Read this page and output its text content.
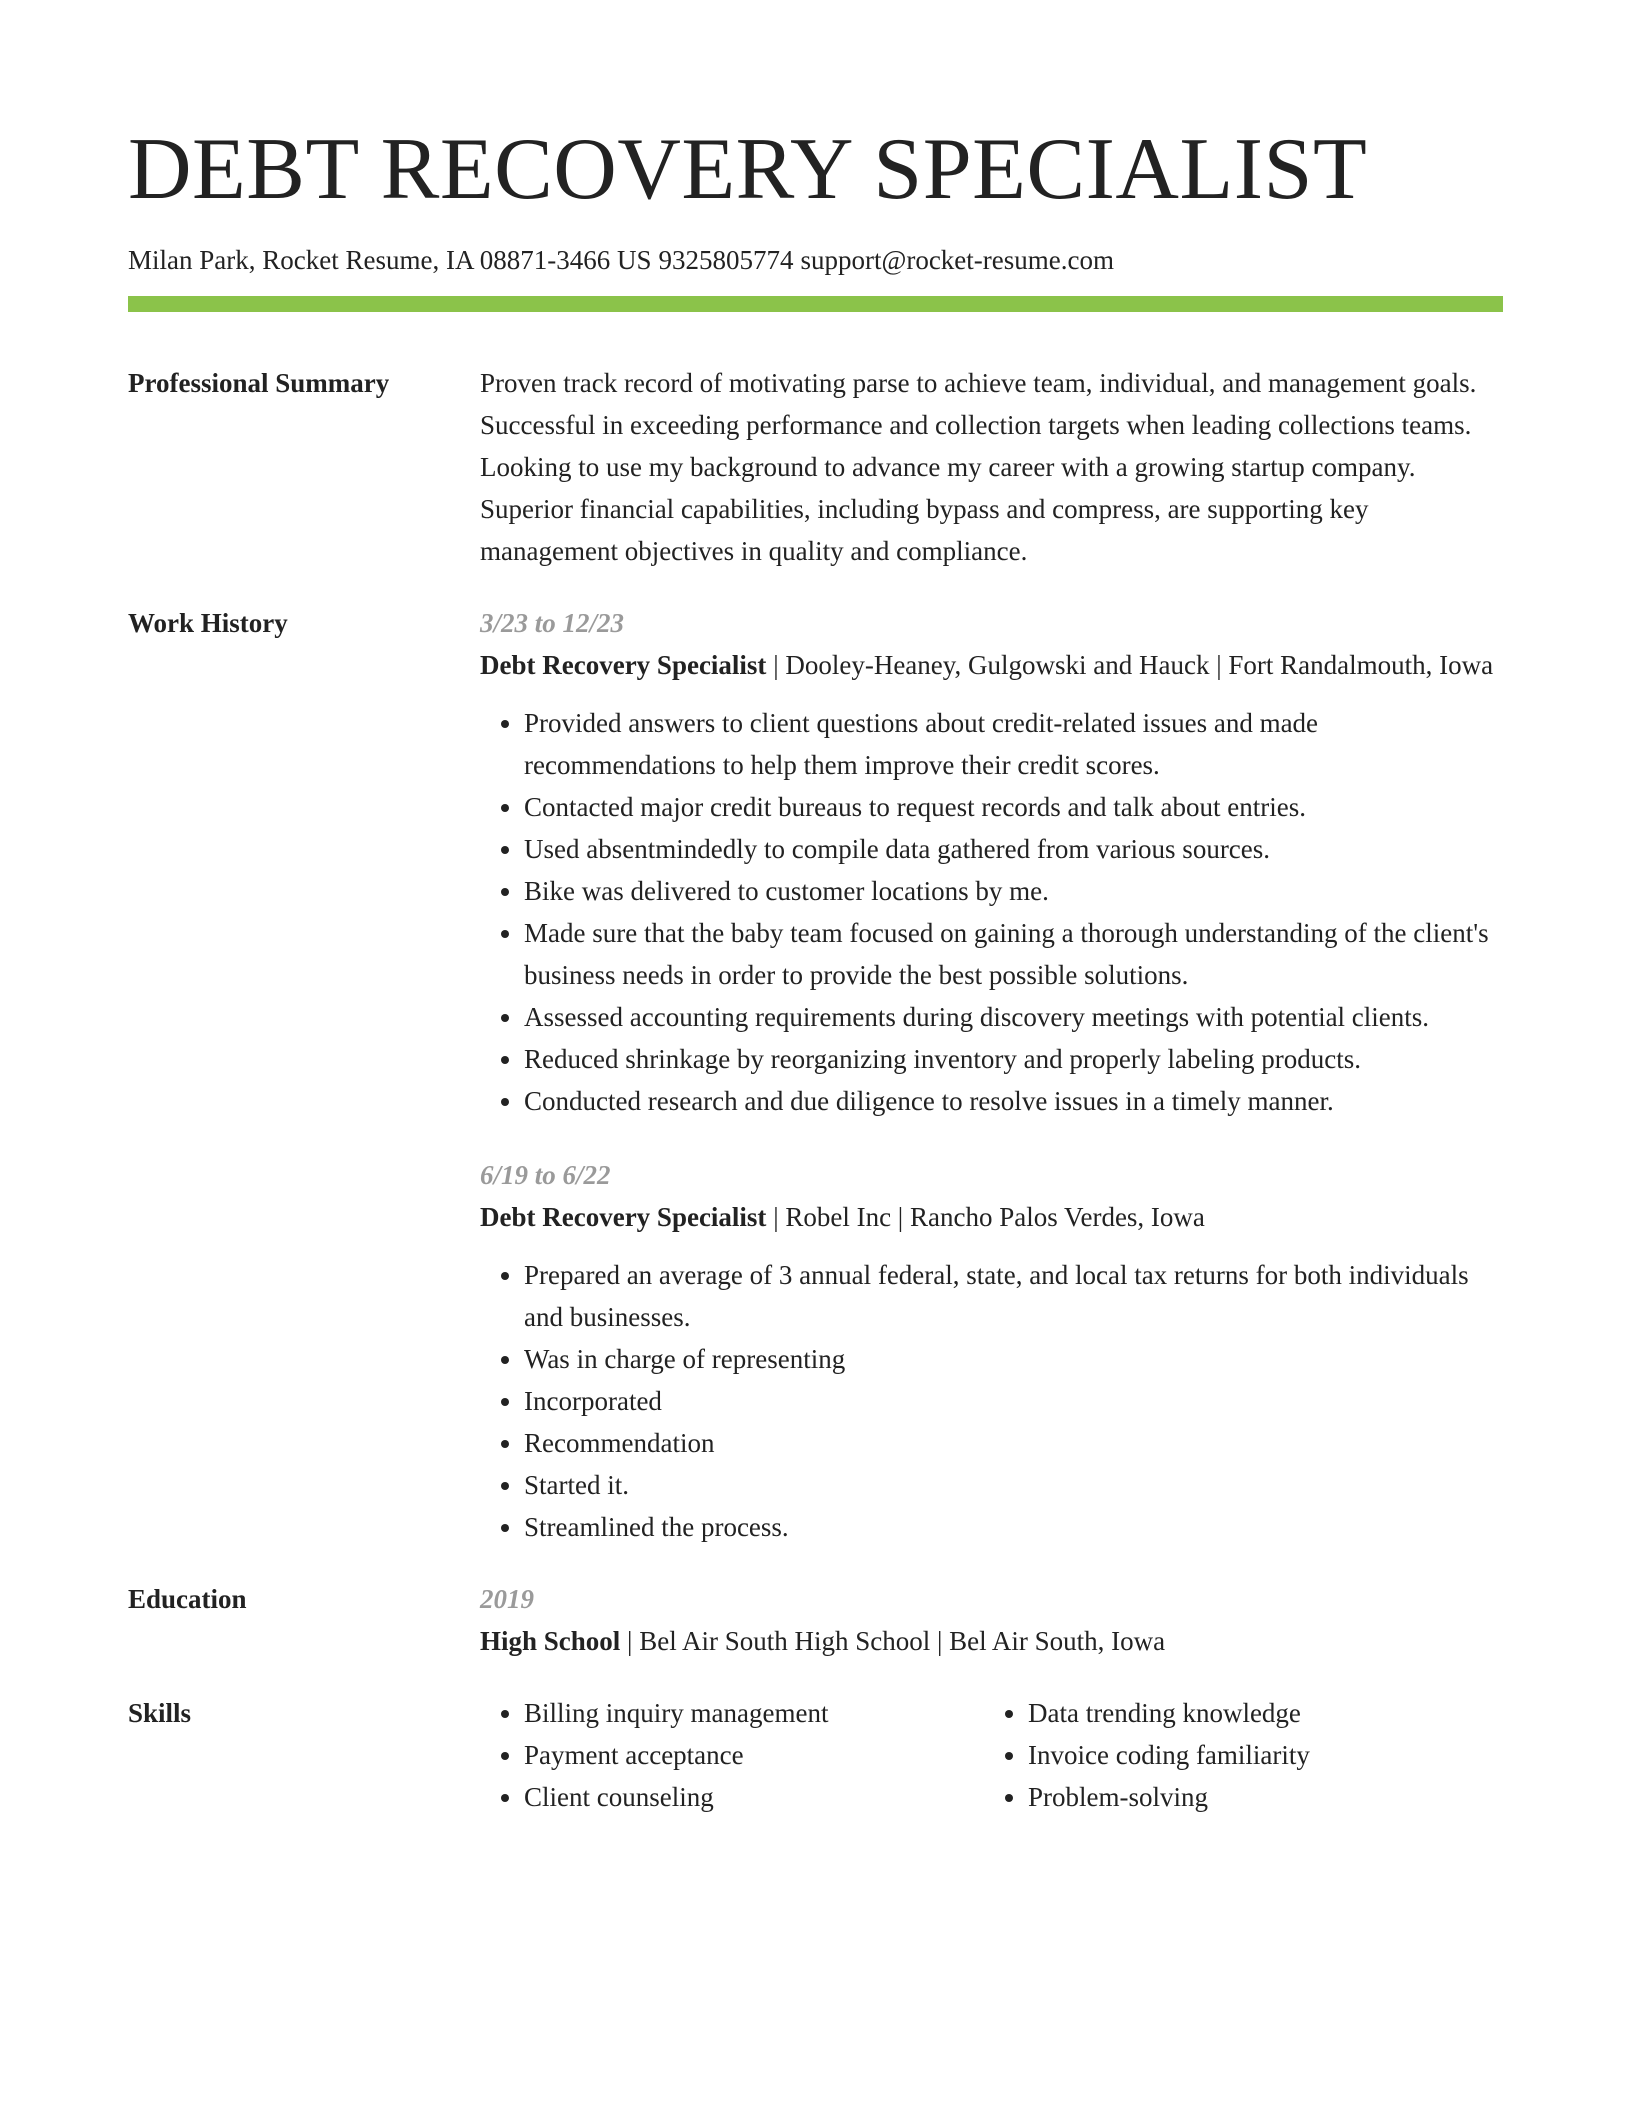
DEBT RECOVERY SPECIALIST
Milan Park, Rocket Resume, IA 08871-3466 US 9325805774 support@rocket-resume.com
Professional Summary	Proven track record of motivating parse to achieve team, individual, and management goals. Successful in exceeding performance and collection targets when leading collections teams. Looking to use my background to advance my career with a growing startup company. Superior financial capabilities, including bypass and compress, are supporting key management objectives in quality and compliance.

Work History	3/23 to 12/23
Debt Recovery Specialist | Dooley-Heaney, Gulgowski and Hauck | Fort Randalmouth, Iowa
• Provided answers to client questions about credit-related issues and made recommendations to help them improve their credit scores.
• Contacted major credit bureaus to request records and talk about entries.
• Used absentmindedly to compile data gathered from various sources.
• Bike was delivered to customer locations by me.
• Made sure that the baby team focused on gaining a thorough understanding of the client's business needs in order to provide the best possible solutions.
• Assessed accounting requirements during discovery meetings with potential clients.
• Reduced shrinkage by reorganizing inventory and properly labeling products.
• Conducted research and due diligence to resolve issues in a timely manner.
6/19 to 6/22
Debt Recovery Specialist | Robel Inc | Rancho Palos Verdes, Iowa
• Prepared an average of 3 annual federal, state, and local tax returns for both individuals and businesses.
• Was in charge of representing
• Incorporated
• Recommendation
• Started it.
• Streamlined the process.
Education	2019
High School | Bel Air South High School | Bel Air South, Iowa
Skills
•	Billing inquiry management
• Payment acceptance
• Client counseling
• Data trending knowledge
• Invoice coding familiarity
• Problem-solving
